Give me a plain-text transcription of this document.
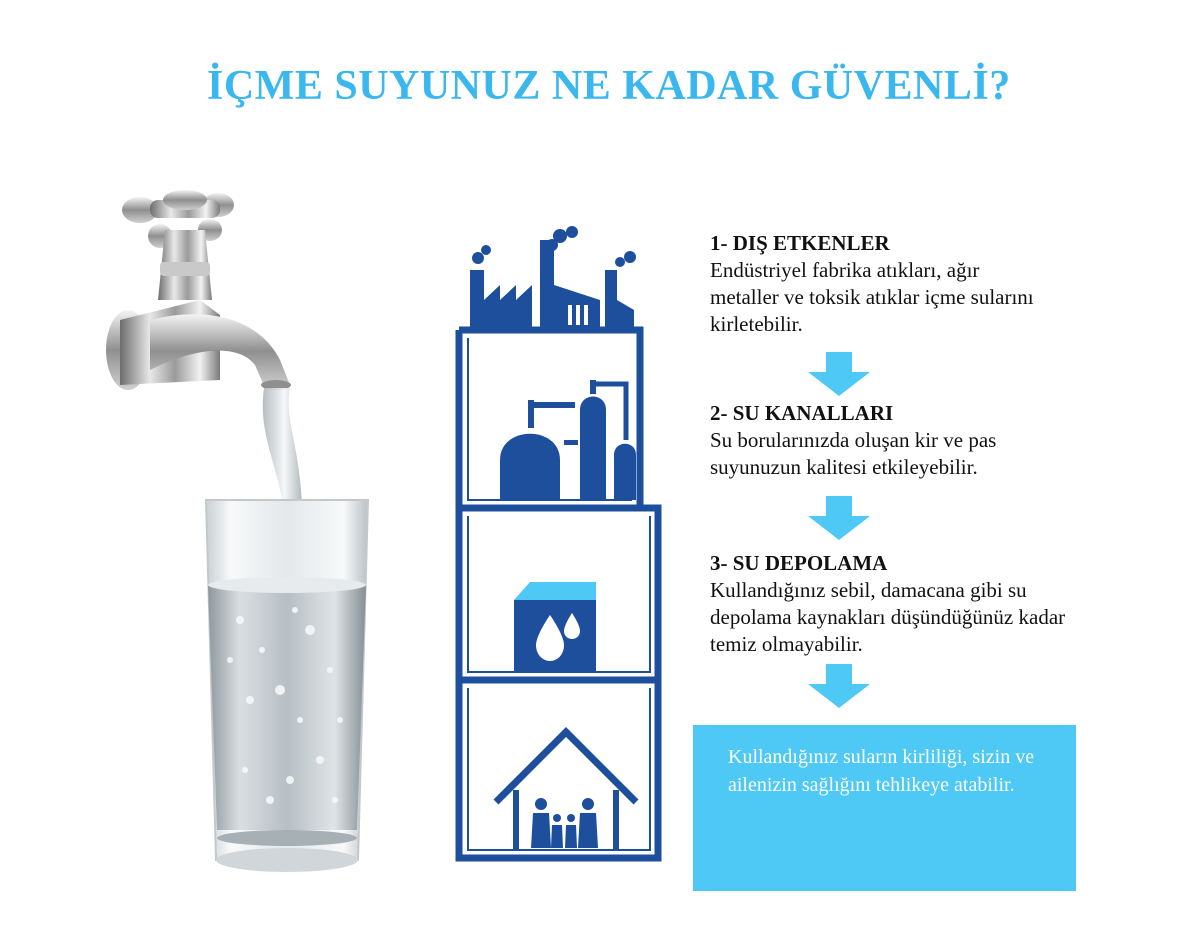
İÇME SUYUNUZ NE KADAR GÜVENLİ?
1- DIŞ ETKENLER
Endüstriyel fabrika atıkları, ağır metaller ve toksik atıklar içme sularını kirletebilir.
2- SU KANALLARI
Su borularınızda oluşan kir ve pas suyunuzun kalitesi etkileyebilir.
3- SU DEPOLAMA
Kullandığınız sebil, damacana gibi su depolama kaynakları düşündüğünüz kadar temiz olmayabilir.
Kullandığınız suların kirliliği, sizin ve ailenizin sağlığını tehlikeye atabilir.
